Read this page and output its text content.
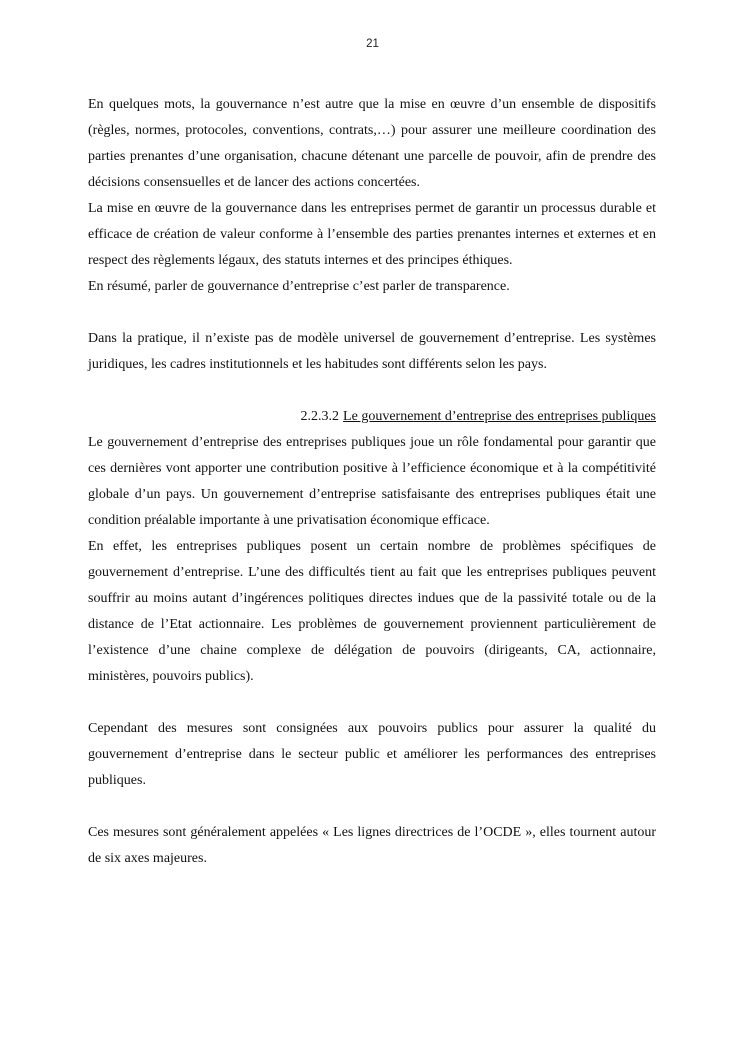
21

En quelques mots, la gouvernance n’est autre que la mise en œuvre d’un ensemble de dispositifs (règles, normes, protocoles, conventions, contrats,…) pour assurer une meilleure coordination des parties prenantes d’une organisation, chacune détenant une parcelle de pouvoir, afin de prendre des décisions consensuelles et de lancer des actions concertées.

La mise en œuvre de la gouvernance dans les entreprises permet de garantir un processus durable et efficace de création de valeur conforme à l’ensemble des parties prenantes internes et externes et en respect des règlements légaux, des statuts internes et des principes éthiques.

En résumé, parler de gouvernance d’entreprise c’est parler de transparence.

Dans la pratique, il n’existe pas de modèle universel de gouvernement d’entreprise. Les systèmes juridiques, les cadres institutionnels et les habitudes sont différents selon les pays.

2.2.3.2 Le gouvernement d’entreprise des entreprises publiques

Le gouvernement d’entreprise des entreprises publiques joue un rôle fondamental pour garantir que ces dernières vont apporter une contribution positive à l’efficience économique et à la compétitivité globale d’un pays. Un gouvernement d’entreprise satisfaisante des entreprises publiques était une condition préalable importante à une privatisation économique efficace.

En effet, les entreprises publiques posent un certain nombre de problèmes spécifiques de gouvernement d’entreprise. L’une des difficultés tient au fait que les entreprises publiques peuvent souffrir au moins autant d’ingérences politiques directes indues que de la passivité totale ou de la distance de l’Etat actionnaire. Les problèmes de gouvernement proviennent particulièrement de l’existence d’une chaine complexe de délégation de pouvoirs (dirigeants, CA, actionnaire, ministères, pouvoirs publics).

Cependant des mesures sont consignées aux pouvoirs publics pour assurer la qualité du gouvernement d’entreprise dans le secteur public et améliorer les performances des entreprises publiques.

Ces mesures sont généralement appelées « Les lignes directrices de l’OCDE », elles tournent autour de six axes majeures.
